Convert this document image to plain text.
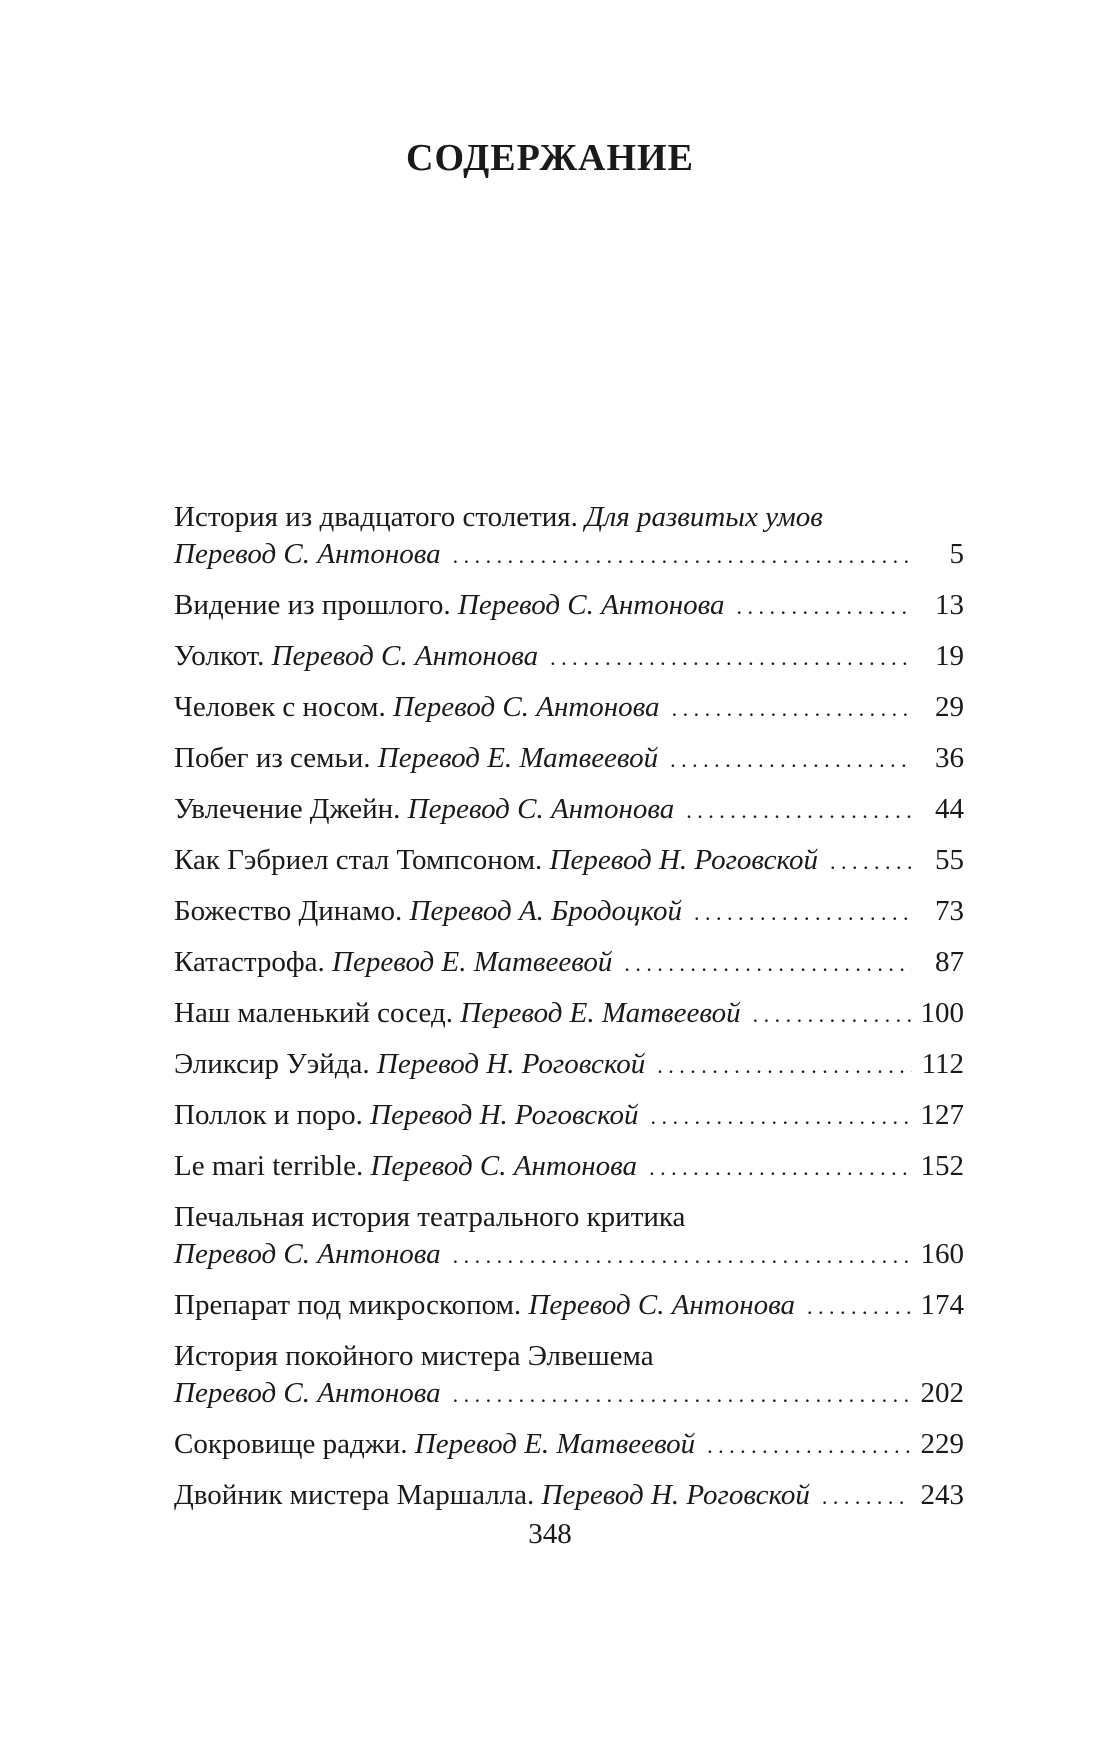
СОДЕРЖАНИЕ
История из двадцатого столетия. Для развитых умов
Перевод С. Антонова . . .	5
Видение из прошлого. Перевод С. Антонова . . .	13
Уолкот. Перевод С. Антонова . . .	19
Человек с носом. Перевод С. Антонова . . .	29
Побег из семьи. Перевод Е. Матвеевой . . .	36
Увлечение Джейн. Перевод С. Антонова . . .	44
Как Гэбриел стал Томпсоном. Перевод Н. Роговской . . .	55
Божество Динамо. Перевод А. Бродоцкой . . .	73
Катастрофа. Перевод Е. Матвеевой . . .	87
Наш маленький сосед. Перевод Е. Матвеевой . . .	100
Эликсир Уэйда. Перевод Н. Роговской . . .	112
Поллок и поро. Перевод Н. Роговской . . .	127
Le mari terrible. Перевод С. Антонова . . .	152
Печальная история театрального критика
Перевод С. Антонова . . .	160
Препарат под микроскопом. Перевод С. Антонова . . .	174
История покойного мистера Элвешема
Перевод С. Антонова . . .	202
Сокровище раджи. Перевод Е. Матвеевой . . .	229
Двойник мистера Маршалла. Перевод Н. Роговской . . .	243
348
